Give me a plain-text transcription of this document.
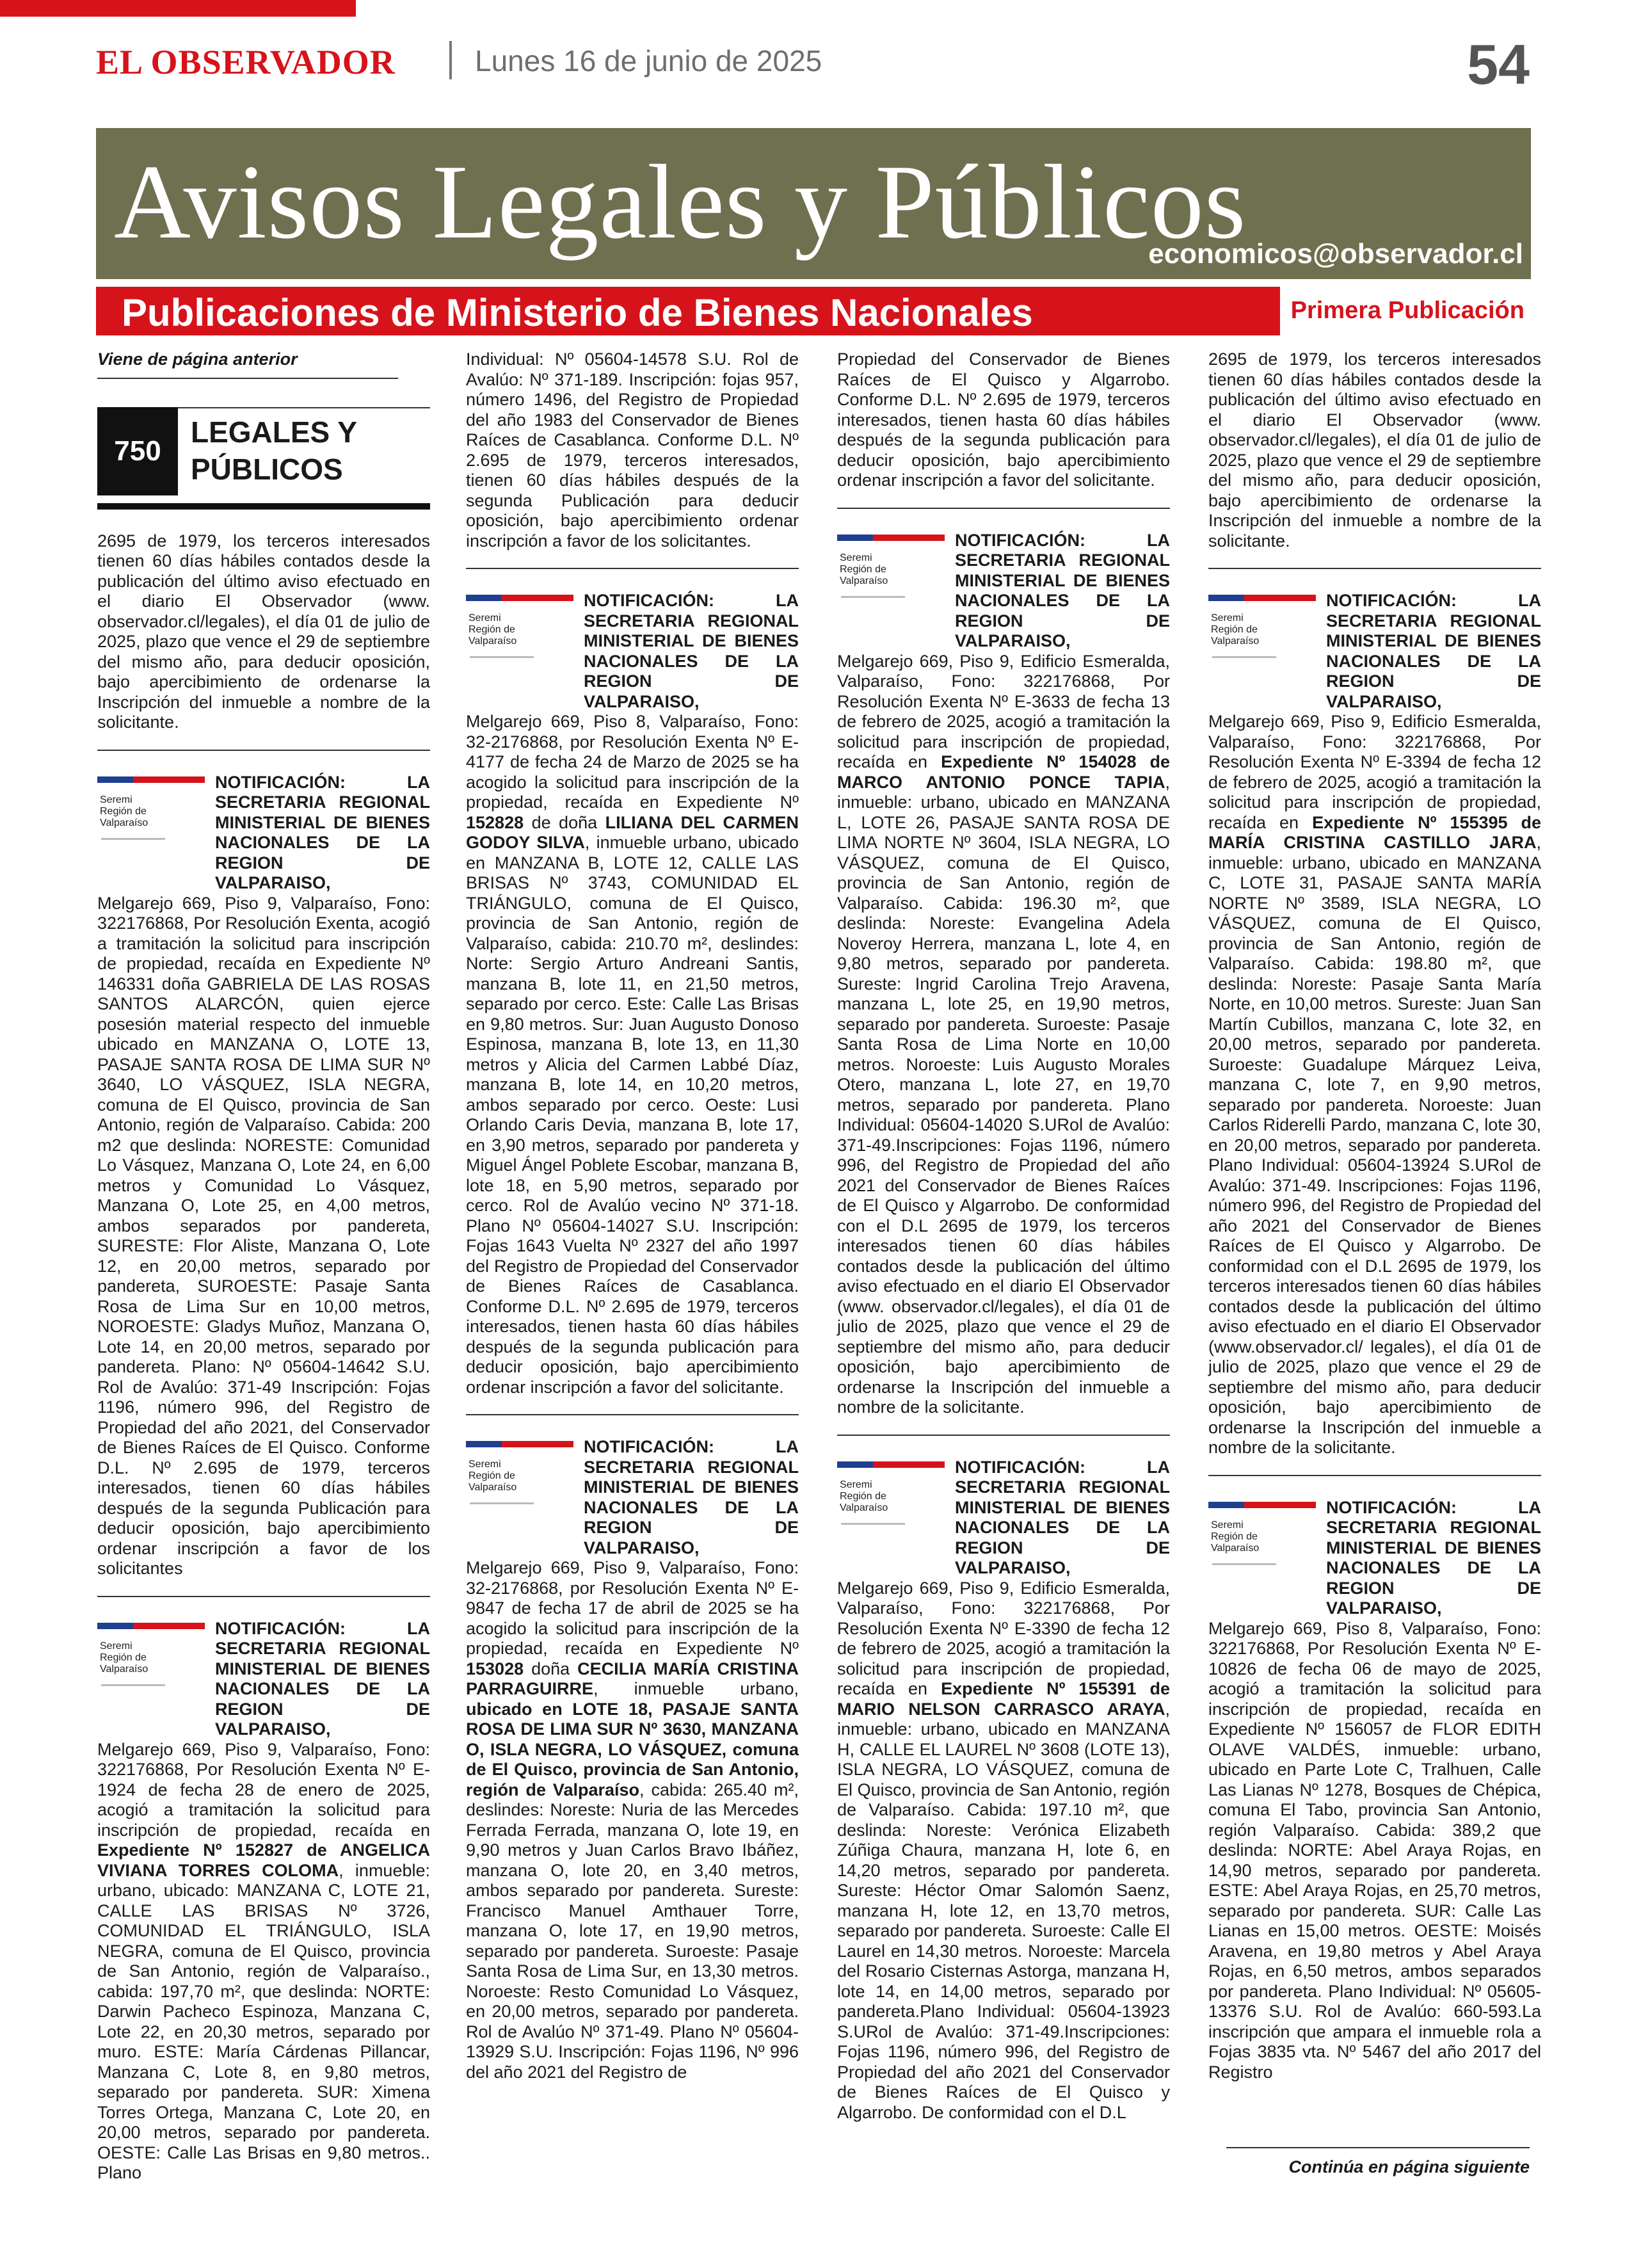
EL OBSERVADOR	Lunes 16 de junio de 2025	54
Avisos Legales y Públicos
economicos@observador.cl
Publicaciones de Ministerio de Bienes Nacionales	Primera Publicación
Viene de página anterior
750
LEGALES Y
PÚBLICOS

2695 de 1979, los terceros interesados tienen 60 días hábiles contados desde la publicación del último aviso efectuado en el diario El Observador (www. observador.cl/legales), el día 01 de julio de 2025, plazo que vence el 29 de septiembre del mismo año, para deducir oposición, bajo apercibimiento de ordenarse la Inscripción del inmueble a nombre de la solicitante.

Seremi
Región de
Valparaíso
NOTIFICACIÓN: LA SECRETARIA REGIONAL MINISTERIAL DE BIENES NACIONALES DE LA REGION DE VALPARAISO,

Melgarejo 669, Piso 9, Valparaíso, Fono: 322176868, Por Resolución Exenta, acogió a tramitación la solicitud para inscripción de propiedad, recaída en Expediente Nº 146331 doña GABRIELA DE LAS ROSAS SANTOS ALARCÓN, quien ejerce posesión material respecto del inmueble ubicado en MANZANA O, LOTE 13, PASAJE SANTA ROSA DE LIMA SUR Nº 3640, LO VÁSQUEZ, ISLA NEGRA, comuna de El Quisco, provincia de San Antonio, región de Valparaíso. Cabida: 200 m2 que deslinda: NORESTE: Comunidad Lo Vásquez, Manzana O, Lote 24, en 6,00 metros y Comunidad Lo Vásquez, Manzana O, Lote 25, en 4,00 metros, ambos separados por pandereta, SURESTE: Flor Aliste, Manzana O, Lote 12, en 20,00 metros, separado por pandereta, SUROESTE: Pasaje Santa Rosa de Lima Sur en 10,00 metros, NOROESTE: Gladys Muñoz, Manzana O, Lote 14, en 20,00 metros, separado por pandereta. Plano: Nº 05604-14642 S.U. Rol de Avalúo: 371-49 Inscripción: Fojas 1196, número 996, del Registro de Propiedad del año 2021, del Conservador de Bienes Raíces de El Quisco. Conforme D.L. Nº 2.695 de 1979, terceros interesados, tienen 60 días hábiles después de la segunda Publicación para deducir oposición, bajo apercibimiento ordenar inscripción a favor de los solicitantes

Seremi
Región de
Valparaíso
NOTIFICACIÓN: LA SECRETARIA REGIONAL MINISTERIAL DE BIENES NACIONALES DE LA REGION DE VALPARAISO,

Melgarejo 669, Piso 9, Valparaíso, Fono: 322176868, Por Resolución Exenta Nº E-1924 de fecha 28 de enero de 2025, acogió a tramitación la solicitud para inscripción de propiedad, recaída en Expediente Nº 152827 de ANGELICA VIVIANA TORRES COLOMA, inmueble: urbano, ubicado: MANZANA C, LOTE 21, CALLE LAS BRISAS Nº 3726, COMUNIDAD EL TRIÁNGULO, ISLA NEGRA, comuna de El Quisco, provincia de San Antonio, región de Valparaíso., cabida: 197,70 m², que deslinda: NORTE: Darwin Pacheco Espinoza, Manzana C, Lote 22, en 20,30 metros, separado por muro. ESTE: María Cárdenas Pillancar, Manzana C, Lote 8, en 9,80 metros, separado por pandereta. SUR: Ximena Torres Ortega, Manzana C, Lote 20, en 20,00 metros, separado por pandereta. OESTE: Calle Las Brisas en 9,80 metros.. Plano

Individual: Nº 05604-14578 S.U. Rol de Avalúo: Nº 371-189. Inscripción: fojas 957, número 1496, del Registro de Propiedad del año 1983 del Conservador de Bienes Raíces de Casablanca. Conforme D.L. Nº 2.695 de 1979, terceros interesados, tienen 60 días hábiles después de la segunda Publicación para deducir oposición, bajo apercibimiento ordenar inscripción a favor de los solicitantes.

Seremi
Región de
Valparaíso
NOTIFICACIÓN: LA SECRETARIA REGIONAL MINISTERIAL DE BIENES NACIONALES DE LA REGION DE VALPARAISO,

Melgarejo 669, Piso 8, Valparaíso, Fono: 32-2176868, por Resolución Exenta Nº E-4177 de fecha 24 de Marzo de 2025 se ha acogido la solicitud para inscripción de la propiedad, recaída en Expediente Nº 152828 de doña LILIANA DEL CARMEN GODOY SILVA, inmueble urbano, ubicado en MANZANA B, LOTE 12, CALLE LAS BRISAS Nº 3743, COMUNIDAD EL TRIÁNGULO, comuna de El Quisco, provincia de San Antonio, región de Valparaíso, cabida: 210.70 m², deslindes: Norte: Sergio Arturo Andreani Santis, manzana B, lote 11, en 21,50 metros, separado por cerco. Este: Calle Las Brisas en 9,80 metros. Sur: Juan Augusto Donoso Espinosa, manzana B, lote 13, en 11,30 metros y Alicia del Carmen Labbé Díaz, manzana B, lote 14, en 10,20 metros, ambos separado por cerco. Oeste: Lusi Orlando Caris Devia, manzana B, lote 17, en 3,90 metros, separado por pandereta y Miguel Ángel Poblete Escobar, manzana B, lote 18, en 5,90 metros, separado por cerco. Rol de Avalúo vecino Nº 371-18. Plano Nº 05604-14027 S.U. Inscripción: Fojas 1643 Vuelta Nº 2327 del año 1997 del Registro de Propiedad del Conservador de Bienes Raíces de Casablanca. Conforme D.L. Nº 2.695 de 1979, terceros interesados, tienen hasta 60 días hábiles después de la segunda publicación para deducir oposición, bajo apercibimiento ordenar inscripción a favor del solicitante.

Seremi
Región de
Valparaíso
NOTIFICACIÓN: LA SECRETARIA REGIONAL MINISTERIAL DE BIENES NACIONALES DE LA REGION DE VALPARAISO,

Melgarejo 669, Piso 9, Valparaíso, Fono: 32-2176868, por Resolución Exenta Nº E-9847 de fecha 17 de abril de 2025 se ha acogido la solicitud para inscripción de la propiedad, recaída en Expediente Nº 153028 doña CECILIA MARÍA CRISTINA PARRAGUIRRE, inmueble urbano, ubicado en LOTE 18, PASAJE SANTA ROSA DE LIMA SUR Nº 3630, MANZANA O, ISLA NEGRA, LO VÁSQUEZ, comuna de El Quisco, provincia de San Antonio, región de Valparaíso, cabida: 265.40 m², deslindes: Noreste: Nuria de las Mercedes Ferrada Ferrada, manzana O, lote 19, en 9,90 metros y Juan Carlos Bravo Ibáñez, manzana O, lote 20, en 3,40 metros, ambos separado por pandereta. Sureste: Francisco Manuel Amthauer Torre, manzana O, lote 17, en 19,90 metros, separado por pandereta. Suroeste: Pasaje Santa Rosa de Lima Sur, en 13,30 metros. Noroeste: Resto Comunidad Lo Vásquez, en 20,00 metros, separado por pandereta. Rol de Avalúo Nº 371-49. Plano Nº 05604-13929 S.U. Inscripción: Fojas 1196, Nº 996 del año 2021 del Registro de

Propiedad del Conservador de Bienes Raíces de El Quisco y Algarrobo. Conforme D.L. Nº 2.695 de 1979, terceros interesados, tienen hasta 60 días hábiles después de la segunda publicación para deducir oposición, bajo apercibimiento ordenar inscripción a favor del solicitante.

Seremi
Región de
Valparaíso
NOTIFICACIÓN: LA SECRETARIA REGIONAL MINISTERIAL DE BIENES NACIONALES DE LA REGION DE VALPARAISO,

Melgarejo 669, Piso 9, Edificio Esmeralda, Valparaíso, Fono: 322176868, Por Resolución Exenta Nº E-3633 de fecha 13 de febrero de 2025, acogió a tramitación la solicitud para inscripción de propiedad, recaída en Expediente Nº 154028 de MARCO ANTONIO PONCE TAPIA, inmueble: urbano, ubicado en MANZANA L, LOTE 26, PASAJE SANTA ROSA DE LIMA NORTE Nº 3604, ISLA NEGRA, LO VÁSQUEZ, comuna de El Quisco, provincia de San Antonio, región de Valparaíso. Cabida: 196.30 m², que deslinda: Noreste: Evangelina Adela Noveroy Herrera, manzana L, lote 4, en 9,80 metros, separado por pandereta. Sureste: Ingrid Carolina Trejo Aravena, manzana L, lote 25, en 19,90 metros, separado por pandereta. Suroeste: Pasaje Santa Rosa de Lima Norte en 10,00 metros. Noroeste: Luis Augusto Morales Otero, manzana L, lote 27, en 19,70 metros, separado por pandereta. Plano Individual: 05604-14020 S.URol de Avalúo: 371-49.Inscripciones: Fojas 1196, número 996, del Registro de Propiedad del año 2021 del Conservador de Bienes Raíces de El Quisco y Algarrobo. De conformidad con el D.L 2695 de 1979, los terceros interesados tienen 60 días hábiles contados desde la publicación del último aviso efectuado en el diario El Observador (www. observador.cl/legales), el día 01 de julio de 2025, plazo que vence el 29 de septiembre del mismo año, para deducir oposición, bajo apercibimiento de ordenarse la Inscripción del inmueble a nombre de la solicitante.

Seremi
Región de
Valparaíso
NOTIFICACIÓN: LA SECRETARIA REGIONAL MINISTERIAL DE BIENES NACIONALES DE LA REGION DE VALPARAISO,

Melgarejo 669, Piso 9, Edificio Esmeralda, Valparaíso, Fono: 322176868, Por Resolución Exenta Nº E-3390 de fecha 12 de febrero de 2025, acogió a tramitación la solicitud para inscripción de propiedad, recaída en Expediente Nº 155391 de MARIO NELSON CARRASCO ARAYA, inmueble: urbano, ubicado en MANZANA H, CALLE EL LAUREL Nº 3608 (LOTE 13), ISLA NEGRA, LO VÁSQUEZ, comuna de El Quisco, provincia de San Antonio, región de Valparaíso. Cabida: 197.10 m², que deslinda: Noreste: Verónica Elizabeth Zúñiga Chaura, manzana H, lote 6, en 14,20 metros, separado por pandereta. Sureste: Héctor Omar Salomón Saenz, manzana H, lote 12, en 13,70 metros, separado por pandereta. Suroeste: Calle El Laurel en 14,30 metros. Noroeste: Marcela del Rosario Cisternas Astorga, manzana H, lote 14, en 14,00 metros, separado por pandereta.Plano Individual: 05604-13923 S.URol de Avalúo: 371-49.Inscripciones: Fojas 1196, número 996, del Registro de Propiedad del año 2021 del Conservador de Bienes Raíces de El Quisco y Algarrobo. De conformidad con el D.L

2695 de 1979, los terceros interesados tienen 60 días hábiles contados desde la publicación del último aviso efectuado en el diario El Observador (www. observador.cl/legales), el día 01 de julio de 2025, plazo que vence el 29 de septiembre del mismo año, para deducir oposición, bajo apercibimiento de ordenarse la Inscripción del inmueble a nombre de la solicitante.

Seremi
Región de
Valparaíso
NOTIFICACIÓN: LA SECRETARIA REGIONAL MINISTERIAL DE BIENES NACIONALES DE LA REGION DE VALPARAISO,

Melgarejo 669, Piso 9, Edificio Esmeralda, Valparaíso, Fono: 322176868, Por Resolución Exenta Nº E-3394 de fecha 12 de febrero de 2025, acogió a tramitación la solicitud para inscripción de propiedad, recaída en Expediente Nº 155395 de MARÍA CRISTINA CASTILLO JARA, inmueble: urbano, ubicado en MANZANA C, LOTE 31, PASAJE SANTA MARÍA NORTE Nº 3589, ISLA NEGRA, LO VÁSQUEZ, comuna de El Quisco, provincia de San Antonio, región de Valparaíso. Cabida: 198.80 m², que deslinda: Noreste: Pasaje Santa María Norte, en 10,00 metros. Sureste: Juan San Martín Cubillos, manzana C, lote 32, en 20,00 metros, separado por pandereta. Suroeste: Guadalupe Márquez Leiva, manzana C, lote 7, en 9,90 metros, separado por pandereta. Noroeste: Juan Carlos Riderelli Pardo, manzana C, lote 30, en 20,00 metros, separado por pandereta. Plano Individual: 05604-13924 S.URol de Avalúo: 371-49. Inscripciones: Fojas 1196, número 996, del Registro de Propiedad del año 2021 del Conservador de Bienes Raíces de El Quisco y Algarrobo. De conformidad con el D.L 2695 de 1979, los terceros interesados tienen 60 días hábiles contados desde la publicación del último aviso efectuado en el diario El Observador (www.observador.cl/ legales), el día 01 de julio de 2025, plazo que vence el 29 de septiembre del mismo año, para deducir oposición, bajo apercibimiento de ordenarse la Inscripción del inmueble a nombre de la solicitante.

Seremi
Región de
Valparaíso
NOTIFICACIÓN: LA SECRETARIA REGIONAL MINISTERIAL DE BIENES NACIONALES DE LA REGION DE VALPARAISO,

Melgarejo 669, Piso 8, Valparaíso, Fono: 322176868, Por Resolución Exenta Nº E-10826 de fecha 06 de mayo de 2025, acogió a tramitación la solicitud para inscripción de propiedad, recaída en Expediente Nº 156057 de FLOR EDITH OLAVE VALDÉS, inmueble: urbano, ubicado en Parte Lote C, Tralhuen, Calle Las Lianas Nº 1278, Bosques de Chépica, comuna El Tabo, provincia San Antonio, región Valparaíso. Cabida: 389,2 que deslinda: NORTE: Abel Araya Rojas, en 14,90 metros, separado por pandereta. ESTE: Abel Araya Rojas, en 25,70 metros, separado por pandereta. SUR: Calle Las Lianas en 15,00 metros. OESTE: Moisés Aravena, en 19,80 metros y Abel Araya Rojas, en 6,50 metros, ambos separados por pandereta. Plano Individual: Nº 05605-13376 S.U. Rol de Avalúo: 660-593.La inscripción que ampara el inmueble rola a Fojas 3835 vta. Nº 5467 del año 2017 del Registro

Continúa en página siguiente
